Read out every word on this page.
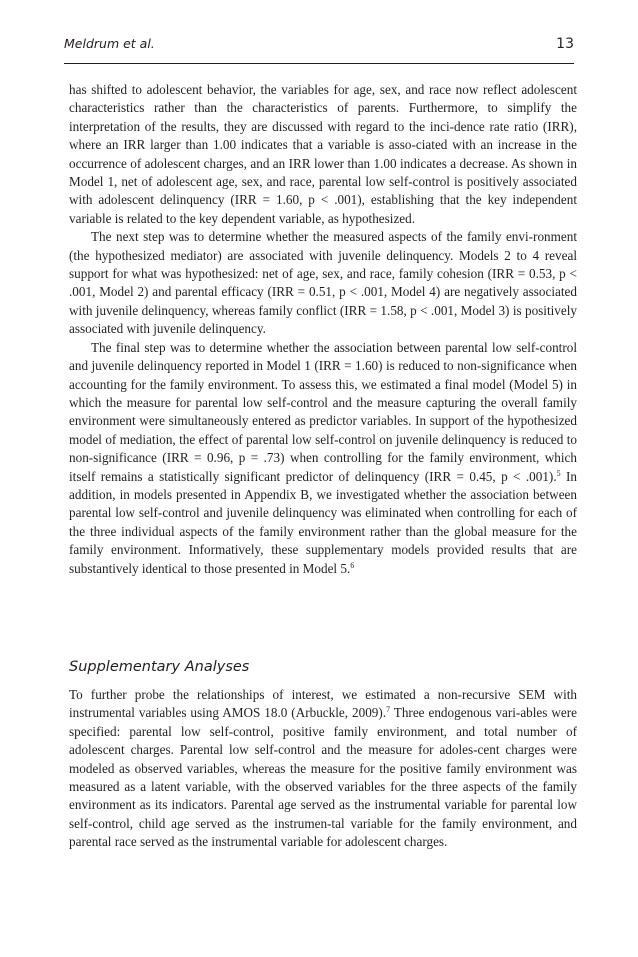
Meldrum et al.	13

has shifted to adolescent behavior, the variables for age, sex, and race now reflect adolescent characteristics rather than the characteristics of parents. Furthermore, to simplify the interpretation of the results, they are discussed with regard to the inci-dence rate ratio (IRR), where an IRR larger than 1.00 indicates that a variable is asso-ciated with an increase in the occurrence of adolescent charges, and an IRR lower than 1.00 indicates a decrease. As shown in Model 1, net of adolescent age, sex, and race, parental low self-control is positively associated with adolescent delinquency (IRR = 1.60, p < .001), establishing that the key independent variable is related to the key dependent variable, as hypothesized.

The next step was to determine whether the measured aspects of the family envi-ronment (the hypothesized mediator) are associated with juvenile delinquency. Models 2 to 4 reveal support for what was hypothesized: net of age, sex, and race, family cohesion (IRR = 0.53, p < .001, Model 2) and parental efficacy (IRR = 0.51, p < .001, Model 4) are negatively associated with juvenile delinquency, whereas family conflict (IRR = 1.58, p < .001, Model 3) is positively associated with juvenile delinquency.

The final step was to determine whether the association between parental low self-control and juvenile delinquency reported in Model 1 (IRR = 1.60) is reduced to non-significance when accounting for the family environment. To assess this, we estimated a final model (Model 5) in which the measure for parental low self-control and the measure capturing the overall family environment were simultaneously entered as predictor variables. In support of the hypothesized model of mediation, the effect of parental low self-control on juvenile delinquency is reduced to non-significance (IRR = 0.96, p = .73) when controlling for the family environment, which itself remains a statistically significant predictor of delinquency (IRR = 0.45, p < .001).$^5$ In addition, in models presented in Appendix B, we investigated whether the association between parental low self-control and juvenile delinquency was eliminated when controlling for each of the three individual aspects of the family environment rather than the global measure for the family environment. Informatively, these supplementary models provided results that are substantively identical to those presented in Model 5.$^6$

Supplementary Analyses

To further probe the relationships of interest, we estimated a non-recursive SEM with instrumental variables using AMOS 18.0 (Arbuckle, 2009).$^7$ Three endogenous vari-ables were specified: parental low self-control, positive family environment, and total number of adolescent charges. Parental low self-control and the measure for adoles-cent charges were modeled as observed variables, whereas the measure for the positive family environment was measured as a latent variable, with the observed variables for the three aspects of the family environment as its indicators. Parental age served as the instrumental variable for parental low self-control, child age served as the instrumen-tal variable for the family environment, and parental race served as the instrumental variable for adolescent charges.
